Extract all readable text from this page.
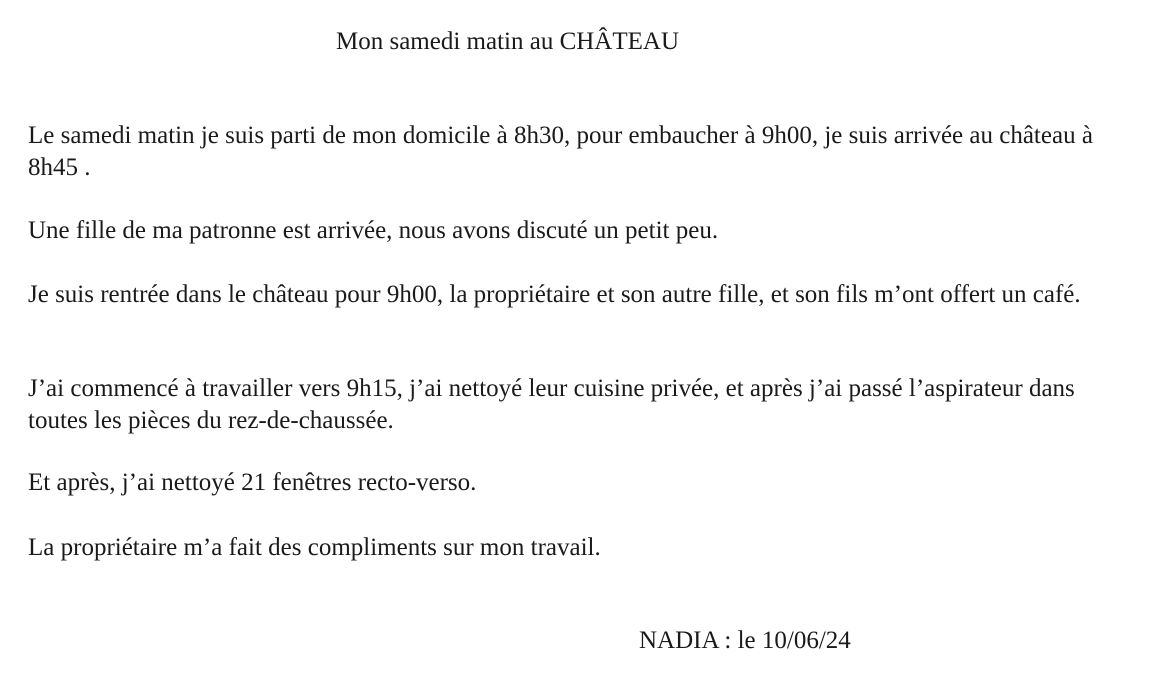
Mon samedi matin au CHÂTEAU

Le samedi matin je suis parti de mon domicile à 8h30, pour embaucher à 9h00, je suis arrivée au château à 8h45 .

Une fille de ma patronne est arrivée, nous avons discuté un petit peu.

Je suis rentrée dans le château pour 9h00, la propriétaire et son autre fille, et son fils m’ont offert un café.

J’ai commencé à travailler vers 9h15, j’ai nettoyé leur cuisine privée, et après j’ai passé l’aspirateur dans toutes les pièces du rez-de-chaussée.

Et après, j’ai nettoyé 21 fenêtres recto-verso.

La propriétaire m’a fait des compliments sur mon travail.

NADIA : le 10/06/24
